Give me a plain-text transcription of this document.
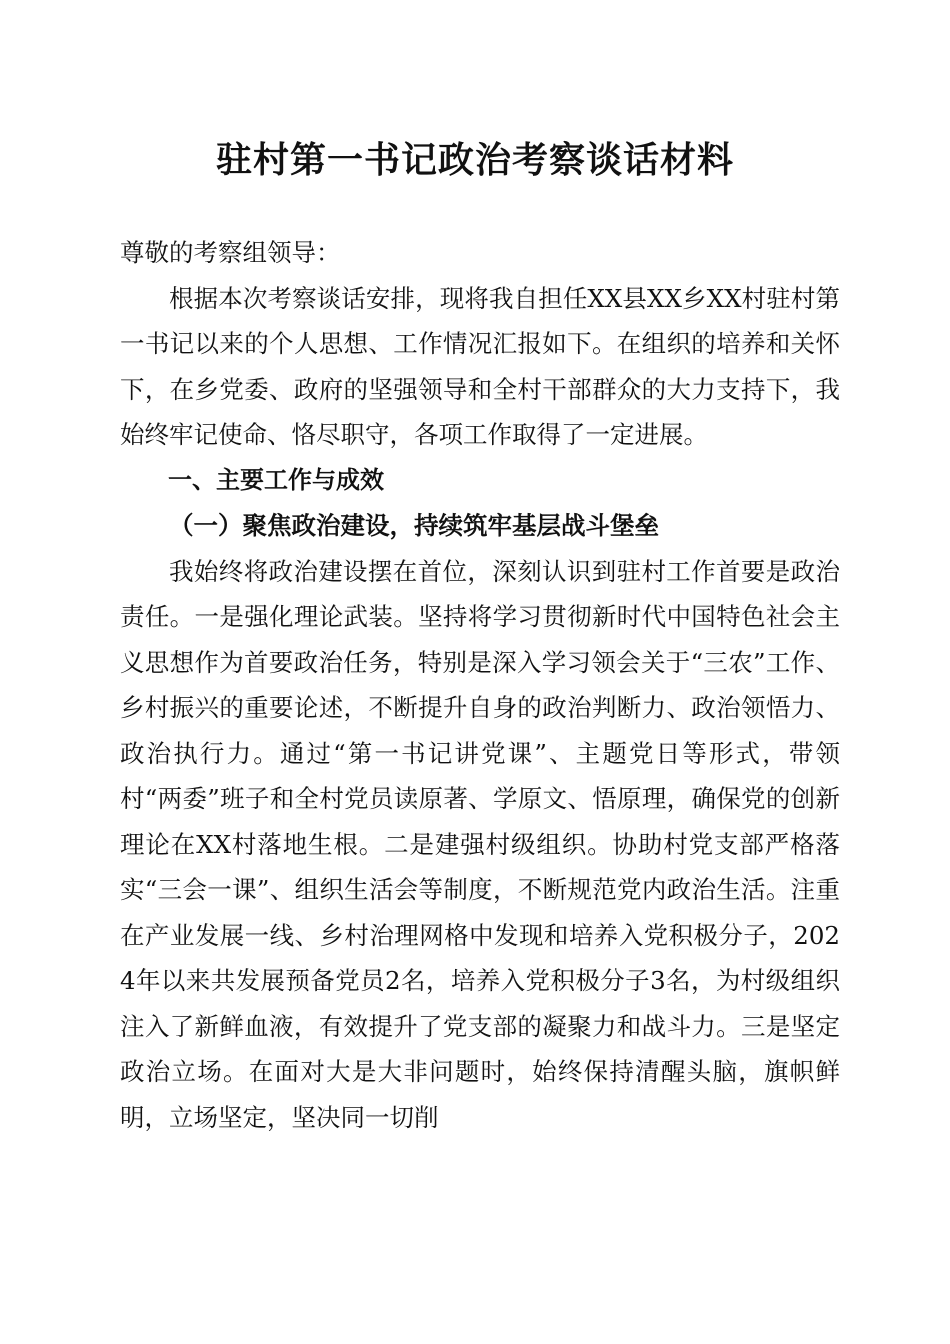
驻村第一书记政治考察谈话材料

尊敬的考察组领导：

根据本次考察谈话安排，现将我自担任XX县XX乡XX村驻村第一书记以来的个人思想、工作情况汇报如下。在组织的培养和关怀下，在乡党委、政府的坚强领导和全村干部群众的大力支持下，我始终牢记使命、恪尽职守，各项工作取得了一定进展。

一、主要工作与成效

（一）聚焦政治建设，持续筑牢基层战斗堡垒

我始终将政治建设摆在首位，深刻认识到驻村工作首要是政治责任。一是强化理论武装。坚持将学习贯彻新时代中国特色社会主义思想作为首要政治任务，特别是深入学习领会关于“三农”工作、乡村振兴的重要论述，不断提升自身的政治判断力、政治领悟力、政治执行力。通过“第一书记讲党课”、主题党日等形式，带领村“两委”班子和全村党员读原著、学原文、悟原理，确保党的创新理论在XX村落地生根。二是建强村级组织。协助村党支部严格落实“三会一课”、组织生活会等制度，不断规范党内政治生活。注重在产业发展一线、乡村治理网格中发现和培养入党积极分子，2024年以来共发展预备党员2名，培养入党积极分子3名，为村级组织注入了新鲜血液，有效提升了党支部的凝聚力和战斗力。三是坚定政治立场。在面对大是大非问题时，始终保持清醒头脑，旗帜鲜明，立场坚定，坚决同一切削
